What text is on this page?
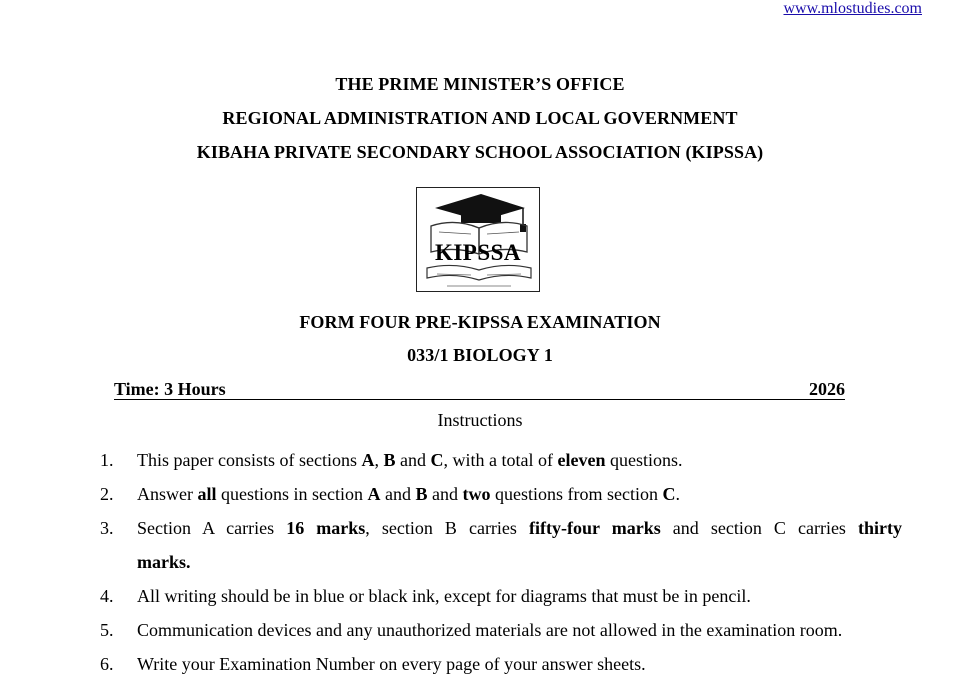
www.mlostudies.com
THE PRIME MINISTER’S OFFICE
REGIONAL ADMINISTRATION AND LOCAL GOVERNMENT
KIBAHA PRIVATE SECONDARY SCHOOL ASSOCIATION (KIPSSA)
KIPSSA
FORM FOUR PRE-KIPSSA EXAMINATION
033/1 BIOLOGY 1
Time: 3 Hours	2026
Instructions
1. This paper consists of sections A, B and C, with a total of eleven questions.
2. Answer all questions in section A and B and two questions from section C.
3. Section A carries 16 marks, section B carries fifty-four marks and section C carries thirty
marks.
4. All writing should be in blue or black ink, except for diagrams that must be in pencil.
5. Communication devices and any unauthorized materials are not allowed in the examination room.
6. Write your Examination Number on every page of your answer sheets.
